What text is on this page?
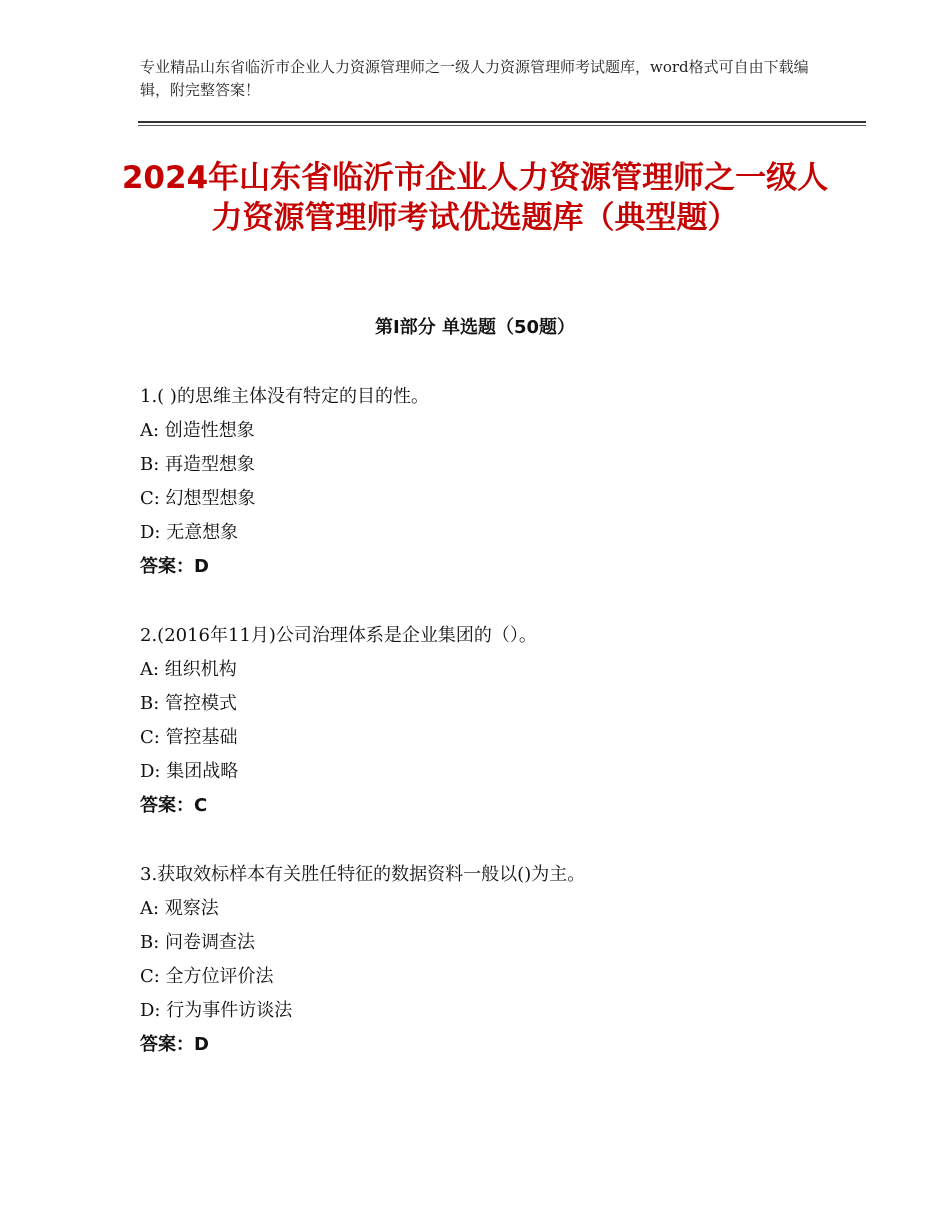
专业精品山东省临沂市企业人力资源管理师之一级人力资源管理师考试题库，word格式可自由下载编辑，附完整答案！
2024年山东省临沂市企业人力资源管理师之一级人力资源管理师考试优选题库（典型题）
第Ⅰ部分 单选题（50题）
1.( )的思维主体没有特定的目的性。
A: 创造性想象
B: 再造型想象
C: 幻想型想象
D: 无意想象
答案：D
2.(2016年11月)公司治理体系是企业集团的（）。
A: 组织机构
B: 管控模式
C: 管控基础
D: 集团战略
答案：C
3.获取效标样本有关胜任特征的数据资料一般以()为主。
A: 观察法
B: 问卷调查法
C: 全方位评价法
D: 行为事件访谈法
答案：D
